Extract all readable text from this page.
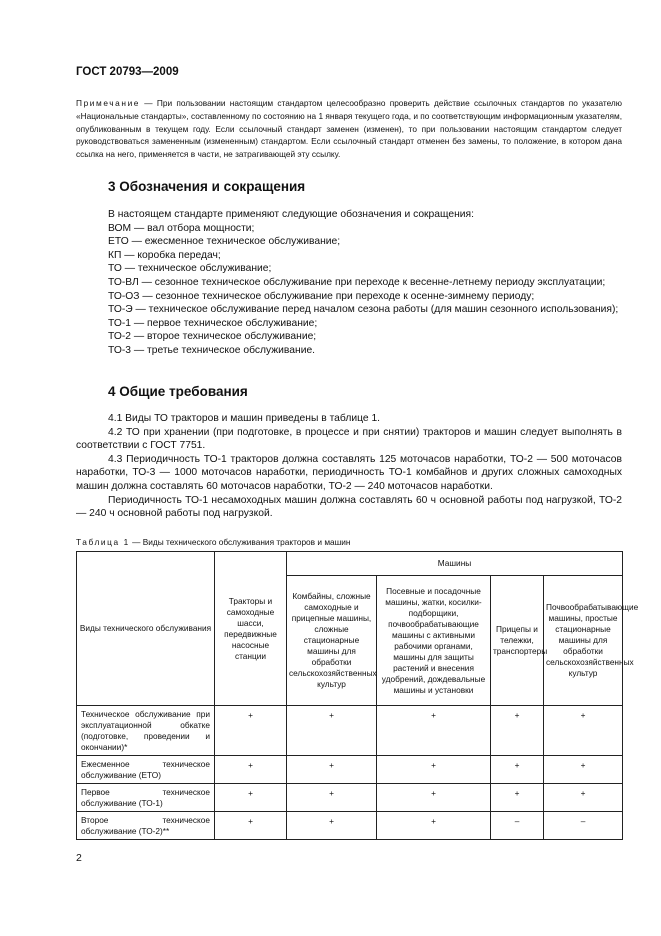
ГОСТ 20793—2009
Примечание — При пользовании настоящим стандартом целесообразно проверить действие ссылочных стандартов по указателю «Национальные стандарты», составленному по состоянию на 1 января текущего года, и по соответствующим информационным указателям, опубликованным в текущем году. Если ссылочный стандарт заменен (изменен), то при пользовании настоящим стандартом следует руководствоваться замененным (измененным) стандартом. Если ссылочный стандарт отменен без замены, то положение, в котором дана ссылка на него, применяется в части, не затрагивающей эту ссылку.
3 Обозначения и сокращения
В настоящем стандарте применяют следующие обозначения и сокращения:
ВОМ — вал отбора мощности;
ЕТО — ежесменное техническое обслуживание;
КП — коробка передач;
ТО — техническое обслуживание;
ТО-ВЛ — сезонное техническое обслуживание при переходе к весенне-летнему периоду эксплуатации;
ТО-ОЗ — сезонное техническое обслуживание при переходе к осенне-зимнему периоду;
ТО-Э — техническое обслуживание перед началом сезона работы (для машин сезонного использования);
ТО-1 — первое техническое обслуживание;
ТО-2 — второе техническое обслуживание;
ТО-3 — третье техническое обслуживание.
4 Общие требования

4.1 Виды ТО тракторов и машин приведены в таблице 1.

4.2 ТО при хранении (при подготовке, в процессе и при снятии) тракторов и машин следует выполнять в соответствии с ГОСТ 7751.

4.3 Периодичность ТО-1 тракторов должна составлять 125 моточасов наработки, ТО-2 — 500 моточасов наработки, ТО-3 — 1000 моточасов наработки, периодичность ТО-1 комбайнов и других сложных самоходных машин должна составлять 60 моточасов наработки, ТО-2 — 240 моточасов наработки.

Периодичность ТО-1 несамоходных машин должна составлять 60 ч основной работы под нагрузкой, ТО-2 — 240 ч основной работы под нагрузкой.

Таблица 1 — Виды технического обслуживания тракторов и машин
Виды технического обслуживания	Тракторы и самоходные шасси, передвижные насосные станции	Машины			
		Комбайны, сложные самоходные и прицепные машины, сложные стационарные машины для обработки сельскохозяйственных культур	Посевные и посадочные машины, жатки, косилки-подборщики, почвообрабатывающие машины с активными рабочими органами, машины для защиты растений и внесения удобрений, дождевальные машины и установки	Прицепы и тележки, транспортеры	Почвообрабатывающие машины, простые стационарные машины для обработки сельскохозяйственных культур
Техническое обслуживание при эксплуатационной обкатке (подготовке, проведении и окончании)*	+	+	+	+	+
Ежесменное техническое обслуживание (ЕТО)	+	+	+	+	+
Первое техническое обслуживание (ТО-1)	+	+	+	+	+
Второе техническое обслуживание (ТО-2)**	+	+	+	–	–
2
